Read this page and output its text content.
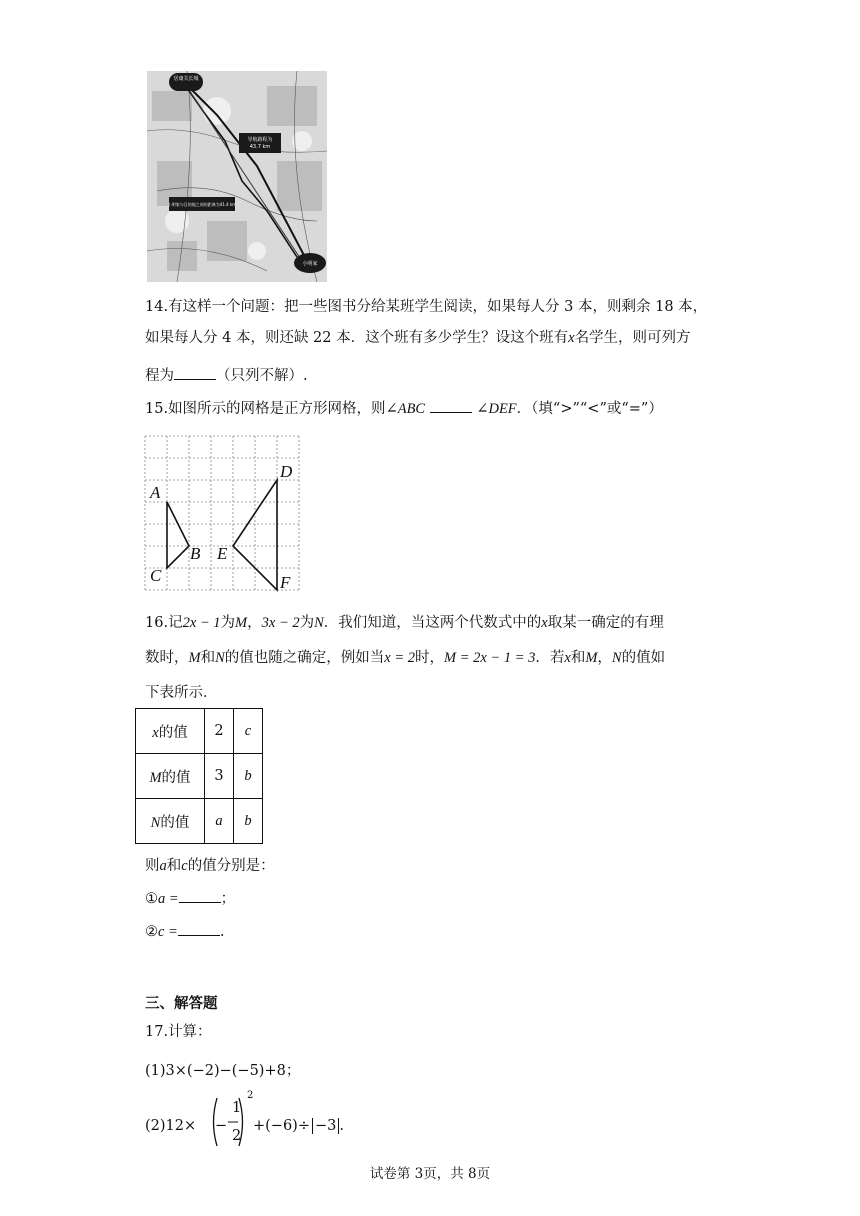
居庸关长城
导航路程为
43.7 km
小明家与目的地之间的距离为41.4 km
小明家
14.有这样一个问题：把一些图书分给某班学生阅读，如果每人分 3 本，则剩余 18 本，
如果每人分 4 本，则还缺 22 本．这个班有多少学生？设这个班有x名学生，则可列方
程为	（只列不解）.
15.如图所示的网格是正方形网格，则∠ABC	∠DEF．（填“>”“<”或“=”）
A
B
C
D
E
F
16.记2x − 1为M，3x − 2为N．我们知道，当这两个代数式中的x取某一确定的有理
数时，M和N的值也随之确定，例如当x = 2时，M = 2x − 1 = 3．若x和M，N的值如
下表所示．
x的值	2	c
M的值	3	b
N的值	a	b
则a和c的值分别是：
①a =	；
②c =	.
三、解答题
17.计算：
(1)3×(−2)−(−5)+8；
(2)12× −
1
2
2
+(−6)÷ −3 .
试卷第 3页，共 8页
